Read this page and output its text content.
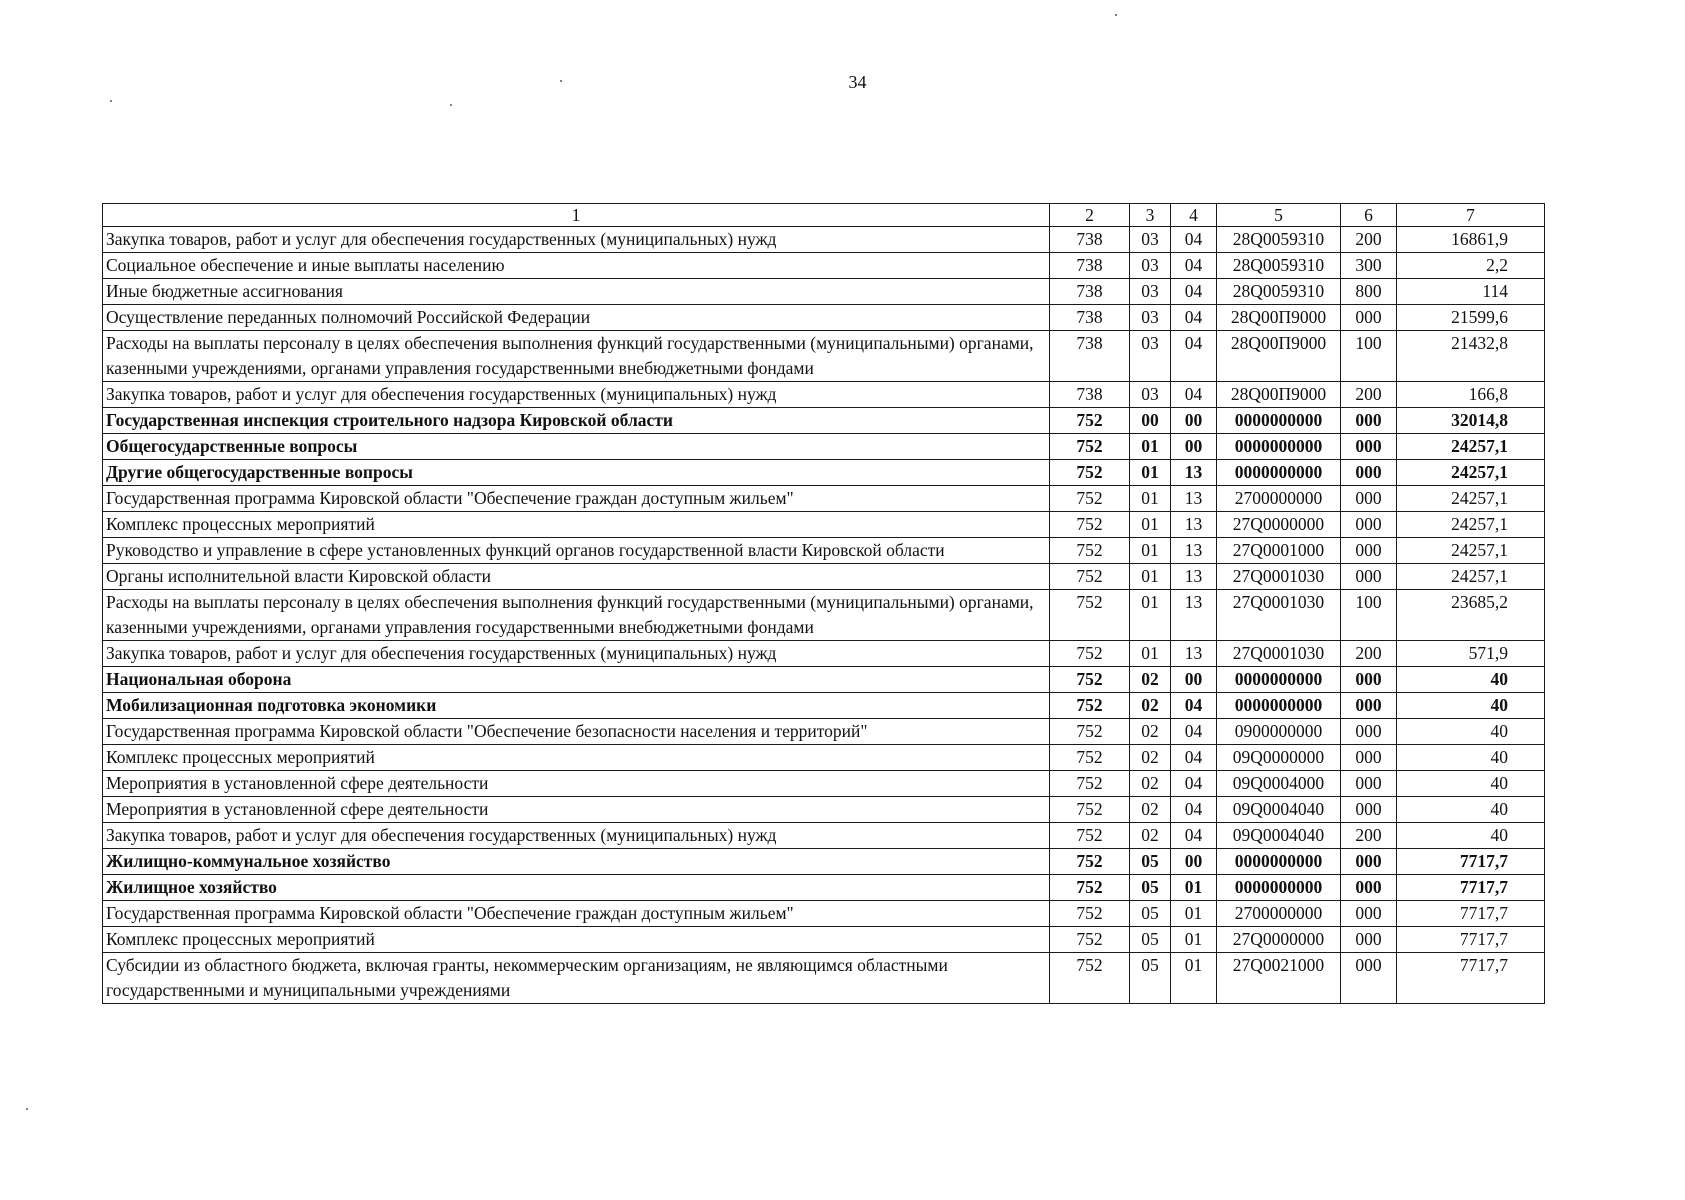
34
1	2	3	4	5	6	7
Закупка товаров, работ и услуг для обеспечения государственных (муниципальных) нужд	738	03	04	28Q0059310	200	16861,9
Социальное обеспечение и иные выплаты населению	738	03	04	28Q0059310	300	2,2
Иные бюджетные ассигнования	738	03	04	28Q0059310	800	114
Осуществление переданных полномочий Российской Федерации	738	03	04	28Q00П9000	000	21599,6
Расходы на выплаты персоналу в целях обеспечения выполнения функций государственными (муниципальными) органами, казенными учреждениями, органами управления государственными внебюджетными фондами	738	03	04	28Q00П9000	100	21432,8
Закупка товаров, работ и услуг для обеспечения государственных (муниципальных) нужд	738	03	04	28Q00П9000	200	166,8
Государственная инспекция строительного надзора Кировской области	752	00	00	0000000000	000	32014,8
Общегосударственные вопросы	752	01	00	0000000000	000	24257,1
Другие общегосударственные вопросы	752	01	13	0000000000	000	24257,1
Государственная программа Кировской области "Обеспечение граждан доступным жильем"	752	01	13	2700000000	000	24257,1
Комплекс процессных мероприятий	752	01	13	27Q0000000	000	24257,1
Руководство и управление в сфере установленных функций органов государственной власти Кировской области	752	01	13	27Q0001000	000	24257,1
Органы исполнительной власти Кировской области	752	01	13	27Q0001030	000	24257,1
Расходы на выплаты персоналу в целях обеспечения выполнения функций государственными (муниципальными) органами, казенными учреждениями, органами управления государственными внебюджетными фондами	752	01	13	27Q0001030	100	23685,2
Закупка товаров, работ и услуг для обеспечения государственных (муниципальных) нужд	752	01	13	27Q0001030	200	571,9
Национальная оборона	752	02	00	0000000000	000	40
Мобилизационная подготовка экономики	752	02	04	0000000000	000	40
Государственная программа Кировской области "Обеспечение безопасности населения и территорий"	752	02	04	0900000000	000	40
Комплекс процессных мероприятий	752	02	04	09Q0000000	000	40
Мероприятия в установленной сфере деятельности	752	02	04	09Q0004000	000	40
Мероприятия в установленной сфере деятельности	752	02	04	09Q0004040	000	40
Закупка товаров, работ и услуг для обеспечения государственных (муниципальных) нужд	752	02	04	09Q0004040	200	40
Жилищно-коммунальное хозяйство	752	05	00	0000000000	000	7717,7
Жилищное хозяйство	752	05	01	0000000000	000	7717,7
Государственная программа Кировской области "Обеспечение граждан доступным жильем"	752	05	01	2700000000	000	7717,7
Комплекс процессных мероприятий	752	05	01	27Q0000000	000	7717,7
Субсидии из областного бюджета, включая гранты, некоммерческим организациям, не являющимся областными государственными и муниципальными учреждениями	752	05	01	27Q0021000	000	7717,7
